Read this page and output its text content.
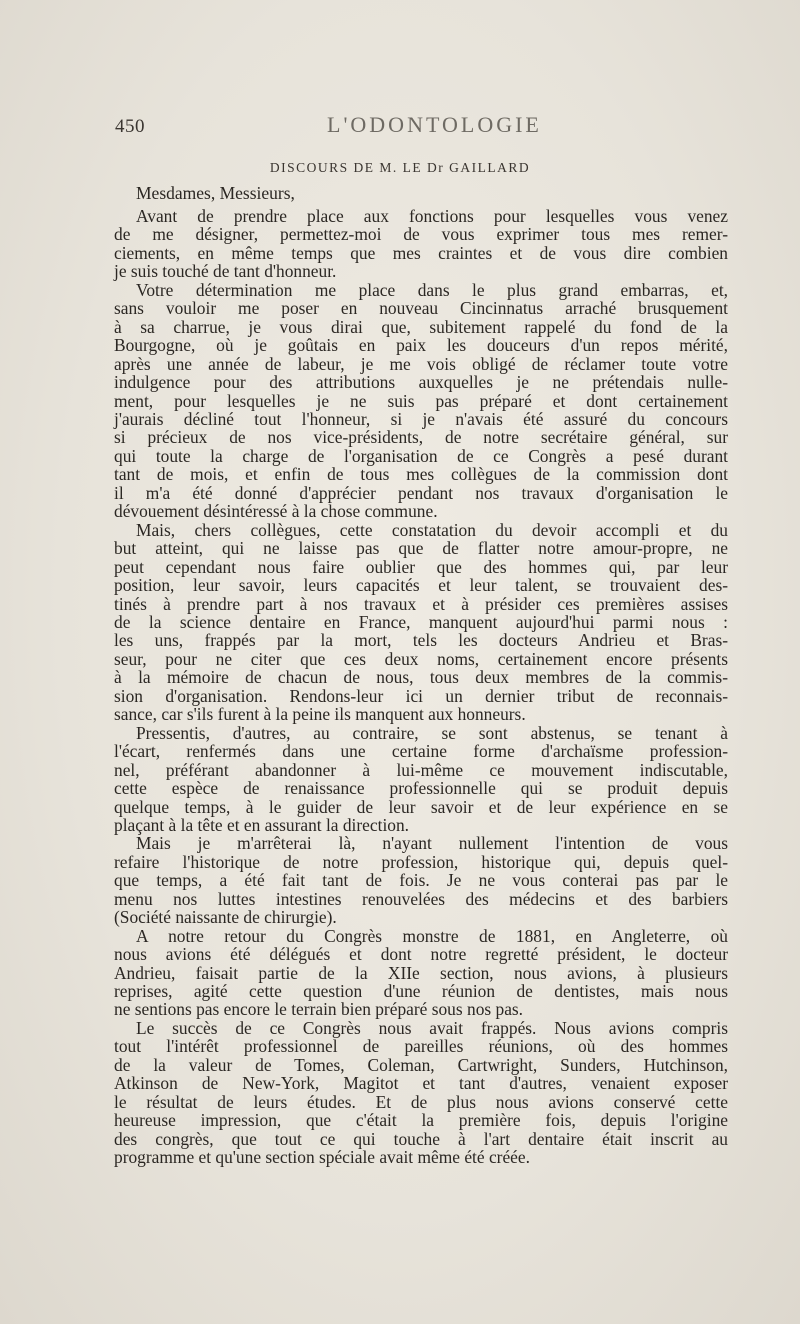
450	L'ODONTOLOGIE
DISCOURS DE M. LE Dr GAILLARD
Mesdames, Messieurs,

Avant de prendre place aux fonctions pour lesquelles vous venez
de me désigner, permettez-moi de vous exprimer tous mes remer-
ciements, en même temps que mes craintes et de vous dire combien
je suis touché de tant d'honneur.

Votre détermination me place dans le plus grand embarras, et,
sans vouloir me poser en nouveau Cincinnatus arraché brusquement
à sa charrue, je vous dirai que, subitement rappelé du fond de la
Bourgogne, où je goûtais en paix les douceurs d'un repos mérité,
après une année de labeur, je me vois obligé de réclamer toute votre
indulgence pour des attributions auxquelles je ne prétendais nulle-
ment, pour lesquelles je ne suis pas préparé et dont certainement
j'aurais décliné tout l'honneur, si je n'avais été assuré du concours
si précieux de nos vice-présidents, de notre secrétaire général, sur
qui toute la charge de l'organisation de ce Congrès a pesé durant
tant de mois, et enfin de tous mes collègues de la commission dont
il m'a été donné d'apprécier pendant nos travaux d'organisation le
dévouement désintéressé à la chose commune.

Mais, chers collègues, cette constatation du devoir accompli et du
but atteint, qui ne laisse pas que de flatter notre amour-propre, ne
peut cependant nous faire oublier que des hommes qui, par leur
position, leur savoir, leurs capacités et leur talent, se trouvaient des-
tinés à prendre part à nos travaux et à présider ces premières assises
de la science dentaire en France, manquent aujourd'hui parmi nous :
les uns, frappés par la mort, tels les docteurs Andrieu et Bras-
seur, pour ne citer que ces deux noms, certainement encore présents
à la mémoire de chacun de nous, tous deux membres de la commis-
sion d'organisation. Rendons-leur ici un dernier tribut de reconnais-
sance, car s'ils furent à la peine ils manquent aux honneurs.

Pressentis, d'autres, au contraire, se sont abstenus, se tenant à
l'écart, renfermés dans une certaine forme d'archaïsme profession-
nel, préférant abandonner à lui-même ce mouvement indiscutable,
cette espèce de renaissance professionnelle qui se produit depuis
quelque temps, à le guider de leur savoir et de leur expérience en se
plaçant à la tête et en assurant la direction.

Mais je m'arrêterai là, n'ayant nullement l'intention de vous
refaire l'historique de notre profession, historique qui, depuis quel-
que temps, a été fait tant de fois. Je ne vous conterai pas par le
menu nos luttes intestines renouvelées des médecins et des barbiers
(Société naissante de chirurgie).

A notre retour du Congrès monstre de 1881, en Angleterre, où
nous avions été délégués et dont notre regretté président, le docteur
Andrieu, faisait partie de la XIIe section, nous avions, à plusieurs
reprises, agité cette question d'une réunion de dentistes, mais nous
ne sentions pas encore le terrain bien préparé sous nos pas.

Le succès de ce Congrès nous avait frappés. Nous avions compris
tout l'intérêt professionnel de pareilles réunions, où des hommes
de la valeur de Tomes, Coleman, Cartwright, Sunders, Hutchinson,
Atkinson de New-York, Magitot et tant d'autres, venaient exposer
le résultat de leurs études. Et de plus nous avions conservé cette
heureuse impression, que c'était la première fois, depuis l'origine
des congrès, que tout ce qui touche à l'art dentaire était inscrit au
programme et qu'une section spéciale avait même été créée.
